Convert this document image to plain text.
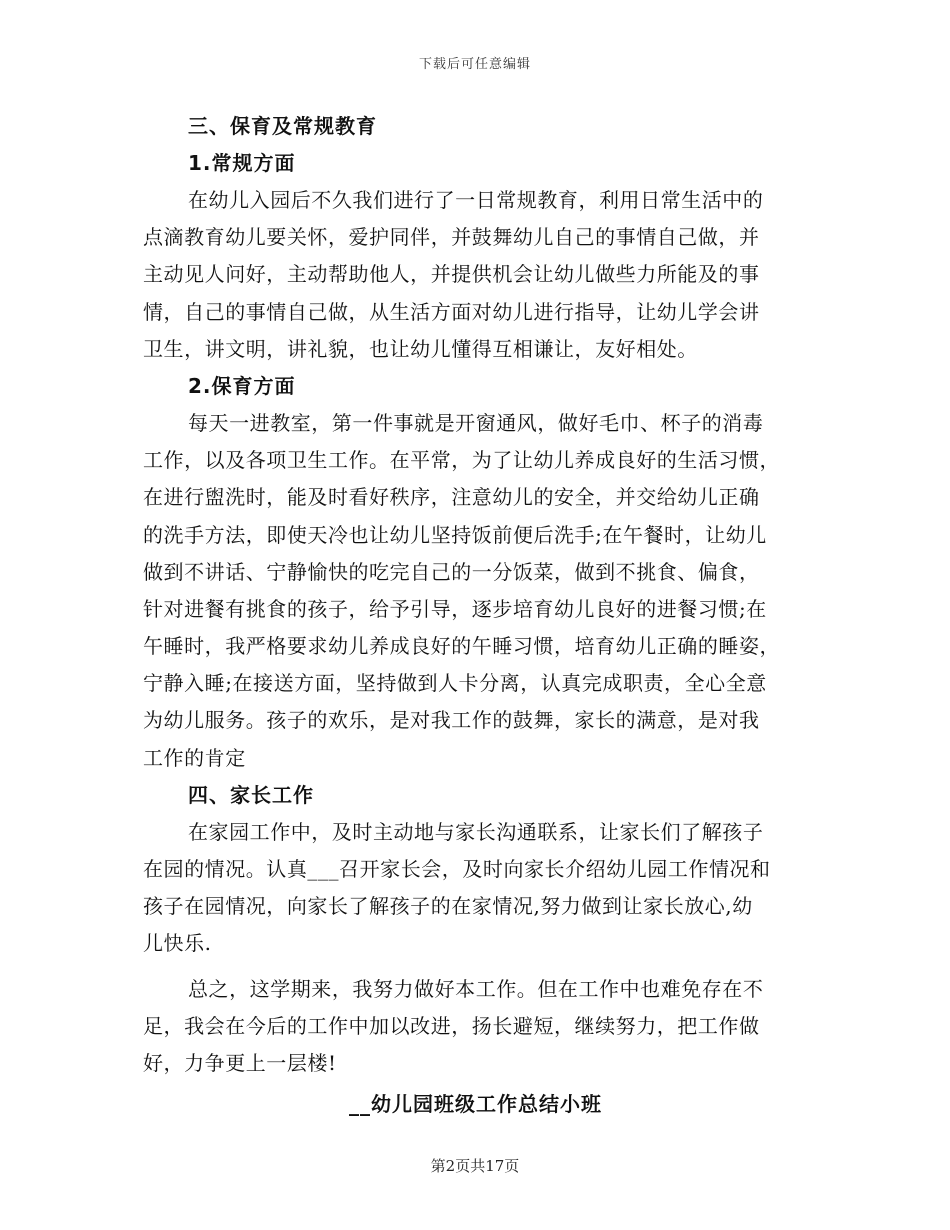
下载后可任意编辑
三、保育及常规教育
1.常规方面
在幼儿入园后不久我们进行了一日常规教育，利用日常生活中的
点滴教育幼儿要关怀，爱护同伴，并鼓舞幼儿自己的事情自己做，并
主动见人问好，主动帮助他人，并提供机会让幼儿做些力所能及的事
情，自己的事情自己做，从生活方面对幼儿进行指导，让幼儿学会讲
卫生，讲文明，讲礼貌，也让幼儿懂得互相谦让，友好相处。
2.保育方面
每天一进教室，第一件事就是开窗通风，做好毛巾、杯子的消毒
工作，以及各项卫生工作。在平常，为了让幼儿养成良好的生活习惯，
在进行盥洗时，能及时看好秩序，注意幼儿的安全，并交给幼儿正确
的洗手方法，即使天冷也让幼儿坚持饭前便后洗手;在午餐时，让幼儿
做到不讲话、宁静愉快的吃完自己的一分饭菜，做到不挑食、偏食，
针对进餐有挑食的孩子，给予引导，逐步培育幼儿良好的进餐习惯;在
午睡时，我严格要求幼儿养成良好的午睡习惯，培育幼儿正确的睡姿，
宁静入睡;在接送方面，坚持做到人卡分离，认真完成职责，全心全意
为幼儿服务。孩子的欢乐，是对我工作的鼓舞，家长的满意，是对我
工作的肯定
四、家长工作
在家园工作中，及时主动地与家长沟通联系，让家长们了解孩子
在园的情况。认真___召开家长会，及时向家长介绍幼儿园工作情况和
孩子在园情况，向家长了解孩子的在家情况,努力做到让家长放心,幼
儿快乐.
总之，这学期来，我努力做好本工作。但在工作中也难免存在不
足，我会在今后的工作中加以改进，扬长避短，继续努力，把工作做
好，力争更上一层楼!
__幼儿园班级工作总结小班
第2页共17页
